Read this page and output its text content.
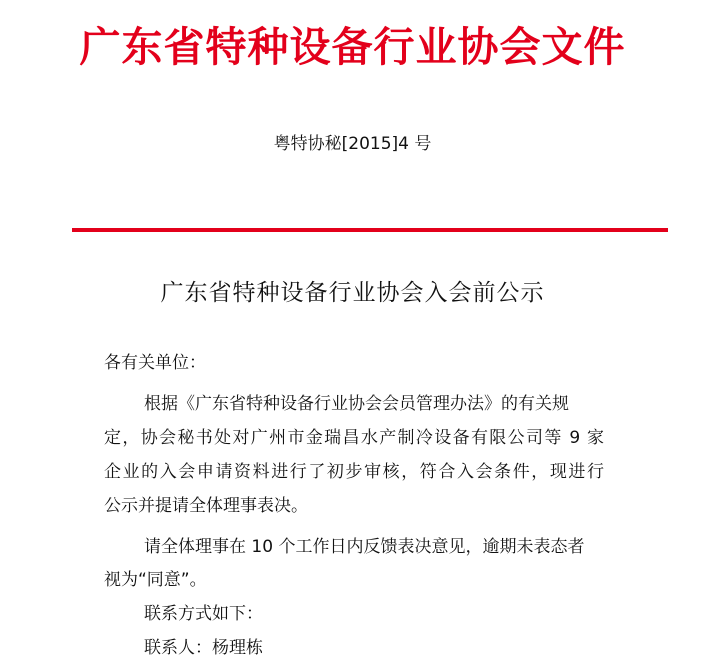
广东省特种设备行业协会文件
粤特协秘[2015]4 号
广东省特种设备行业协会入会前公示
各有关单位：
根据《广东省特种设备行业协会会员管理办法》的有关规
定，协会秘书处对广州市金瑞昌水产制冷设备有限公司等 9 家
企业的入会申请资料进行了初步审核，符合入会条件，现进行
公示并提请全体理事表决。
请全体理事在 10 个工作日内反馈表决意见，逾期未表态者
视为“同意”。
联系方式如下：
联系人：杨理栋
